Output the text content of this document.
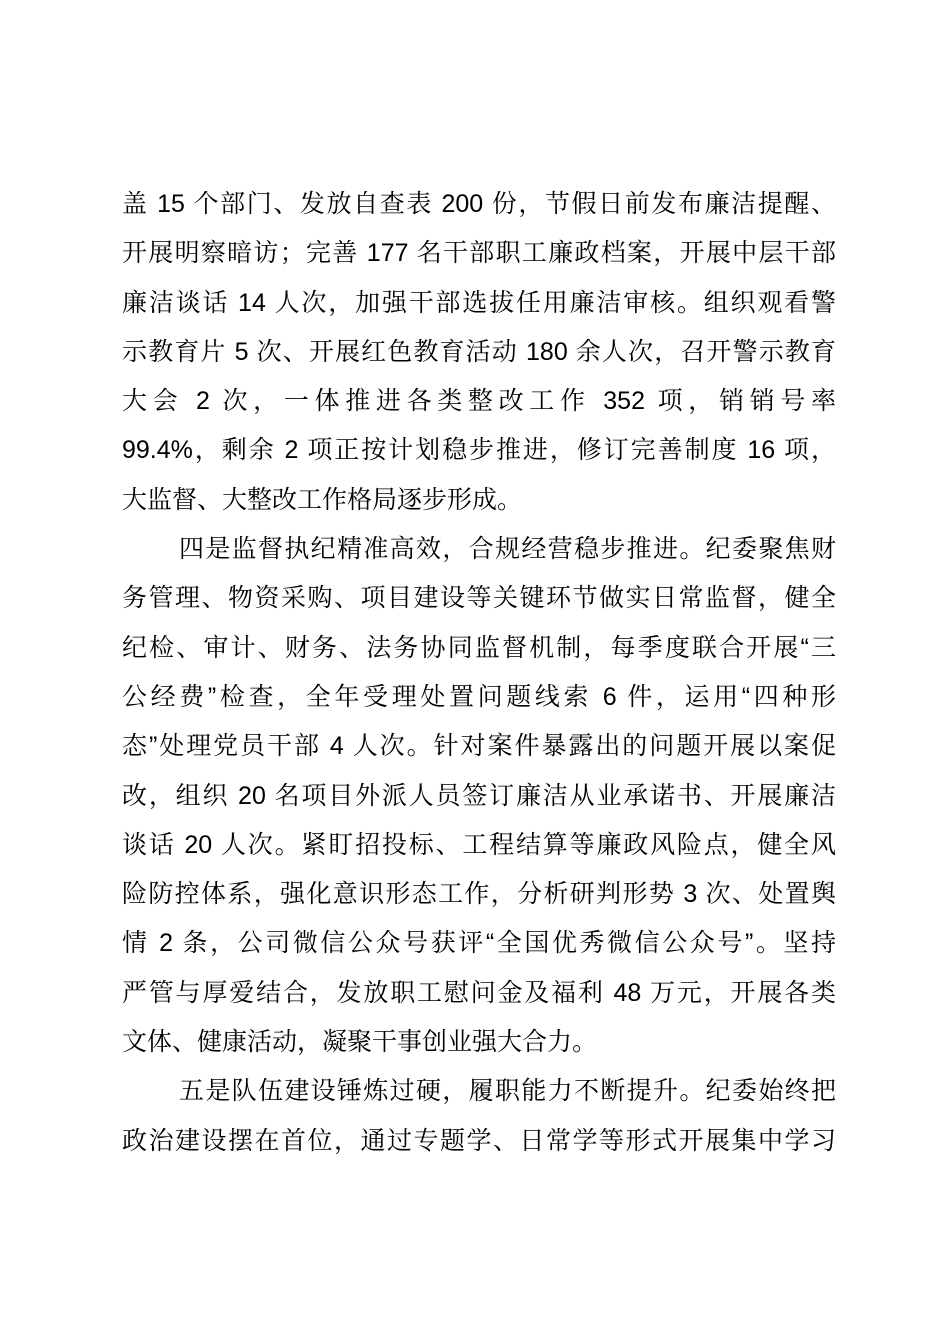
盖 15 个部门、发放自查表 200 份，节假日前发布廉洁提醒、
开展明察暗访；完善 177 名干部职工廉政档案，开展中层干部
廉洁谈话 14 人次，加强干部选拔任用廉洁审核。组织观看警
示教育片 5 次、开展红色教育活动 180 余人次，召开警示教育
大会 2 次，一体推进各类整改工作 352 项，销销号率
99.4%，剩余 2 项正按计划稳步推进，修订完善制度 16 项，
大监督、大整改工作格局逐步形成。
四是监督执纪精准高效，合规经营稳步推进。纪委聚焦财
务管理、物资采购、项目建设等关键环节做实日常监督，健全
纪检、审计、财务、法务协同监督机制，每季度联合开展“三
公经费”检查，全年受理处置问题线索 6 件，运用“四种形
态”处理党员干部 4 人次。针对案件暴露出的问题开展以案促
改，组织 20 名项目外派人员签订廉洁从业承诺书、开展廉洁
谈话 20 人次。紧盯招投标、工程结算等廉政风险点，健全风
险防控体系，强化意识形态工作，分析研判形势 3 次、处置舆
情 2 条，公司微信公众号获评“全国优秀微信公众号”。坚持
严管与厚爱结合，发放职工慰问金及福利 48 万元，开展各类
文体、健康活动，凝聚干事创业强大合力。
五是队伍建设锤炼过硬，履职能力不断提升。纪委始终把
政治建设摆在首位，通过专题学、日常学等形式开展集中学习
